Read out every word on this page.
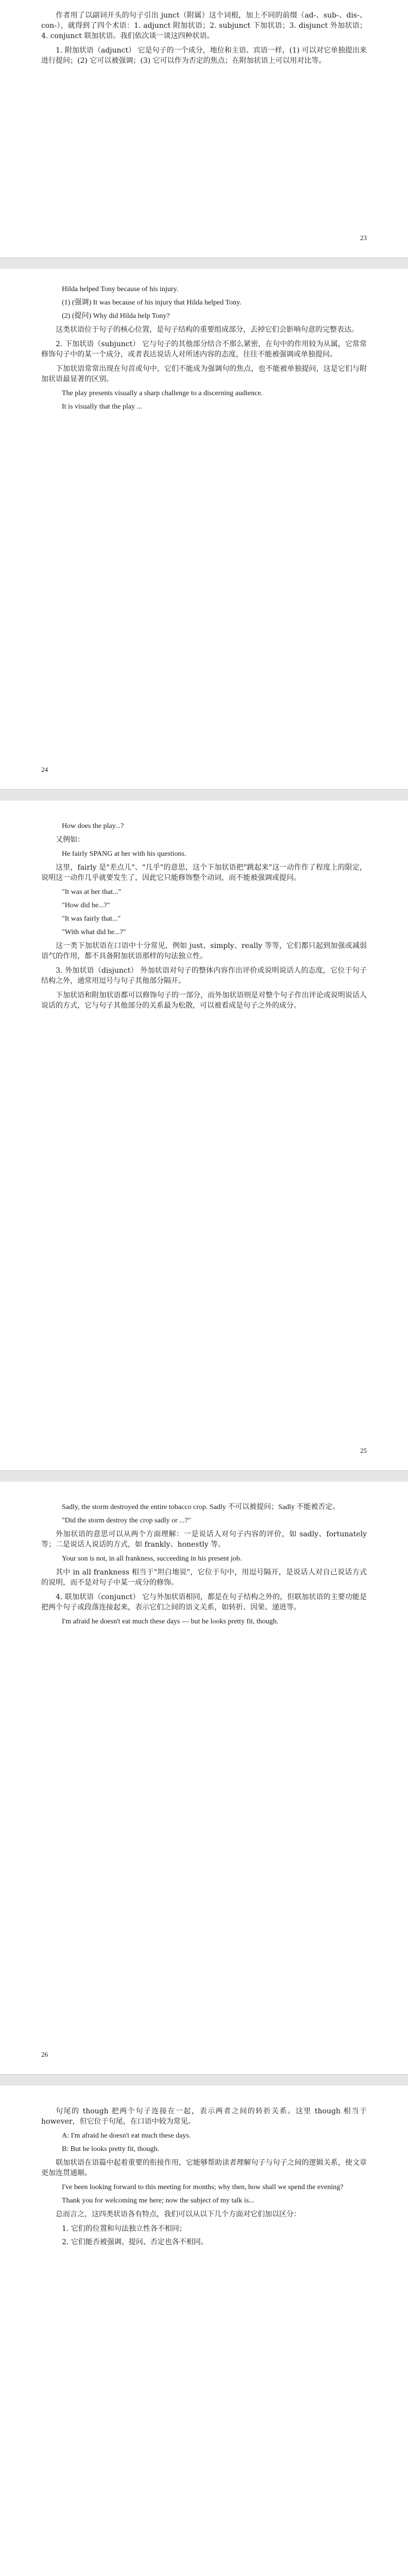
作者用了以副词开头的句子引出 junct（附属）这个词根，加上不同的前缀（ad-、sub-、dis-、con-），就得到了四个术语：1. adjunct 附加状语；2. subjunct 下加状语；3. disjunct 外加状语；4. conjunct 联加状语。我们依次谈一谈这四种状语。

1. 附加状语（adjunct） 它是句子的一个成分，地位和主语、宾语一样，(1) 可以对它单独提出来进行提问；(2) 它可以被强调；(3) 它可以作为否定的焦点；在附加状语上可以用对比等。

23

Hilda helped Tony because of his injury.

(1) (强调) It was because of his injury that Hilda helped Tony.

(2) (提问) Why did Hilda help Tony?

这类状语位于句子的核心位置，是句子结构的重要组成部分，去掉它们会影响句意的完整表达。

2. 下加状语（subjunct） 它与句子的其他部分结合不那么紧密，在句中的作用较为从属，它常常修饰句子中的某一个成分，或者表达说话人对所述内容的态度，往往不能被强调或单独提问。

下加状语常常出现在句首或句中，它们不能成为强调句的焦点，也不能被单独提问，这是它们与附加状语最显著的区别。

The play presents visually a sharp challenge to a discerning audience.

It is visually that the play ...

24

How does the play...?

又例如：

He fairly SPANG at her with his questions.

这里，fairly 是"差点儿"、"几乎"的意思，这个下加状语把"跳起来"这一动作作了程度上的限定，说明这一动作几乎就要发生了，因此它只能修饰整个动词，而不能被强调或提问。

"It was at her that..."

"How did he...?"

"It was fairly that..."

"With what did he...?"

这一类下加状语在口语中十分常见，例如 just、simply、really 等等，它们都只起到加强或减弱语气的作用，都不具备附加状语那样的句法独立性。

3. 外加状语（disjunct） 外加状语对句子的整体内容作出评价或说明说话人的态度，它位于句子结构之外，通常用逗号与句子其他部分隔开。

下加状语和附加状语都可以修饰句子的一部分，而外加状语则是对整个句子作出评论或说明说话人说话的方式，它与句子其他部分的关系最为松散，可以被看成是句子之外的成分。

25

Sadly, the storm destroyed the entire tobacco crop. Sadly 不可以被提问；Sadly 不能被否定。

"Did the storm destroy the crop sadly or ...?"

外加状语的意思可以从两个方面理解：一是说话人对句子内容的评价，如 sadly、fortunately 等；二是说话人说话的方式，如 frankly、honestly 等。

Your son is not, in all frankness, succeeding in his present job.

其中 in all frankness 相当于"坦白地说"，它位于句中，用逗号隔开，是说话人对自己说话方式的说明，而不是对句子中某一成分的修饰。

4. 联加状语（conjunct） 它与外加状语相同，都是在句子结构之外的，但联加状语的主要功能是把两个句子或段落连接起来，表示它们之间的语义关系，如转折、因果、递进等。

I'm afraid he doesn't eat much these days — but he looks pretty fit, though.

26

句尾的 though 把两个句子连接在一起，表示两者之间的转折关系。这里 though 相当于 however，但它位于句尾，在口语中较为常见。

A: I'm afraid he doesn't eat much these days.

B: But he looks pretty fit, though.

联加状语在语篇中起着重要的衔接作用，它能够帮助读者理解句子与句子之间的逻辑关系，使文章更加连贯通顺。

I've been looking forward to this meeting for months; why then, how shall we spend the evening?

Thank you for welcoming me here; now the subject of my talk is...

总而言之，这四类状语各有特点，我们可以从以下几个方面对它们加以区分：

1. 它们的位置和句法独立性各不相同；

2. 它们能否被强调、提问、否定也各不相同。
